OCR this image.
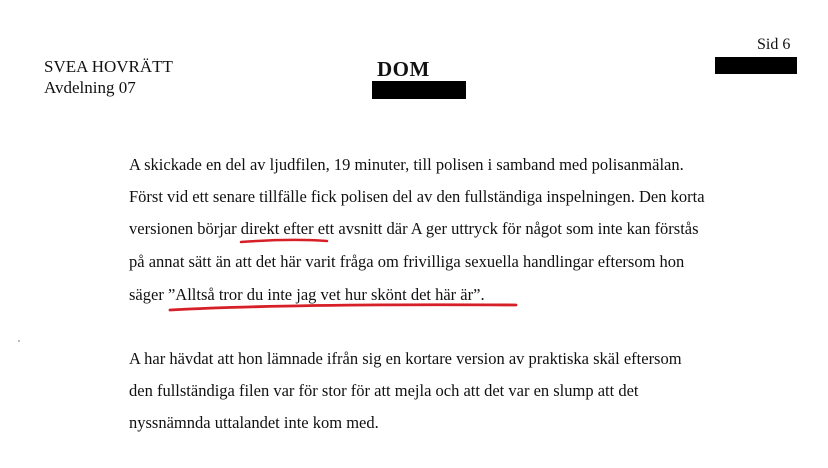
SVEA HOVRÄTT
Avdelning 07
DOM
Sid 6
A skickade en del av ljudfilen, 19 minuter, till polisen i samband med polisanmälan.
Först vid ett senare tillfälle fick polisen del av den fullständiga inspelningen. Den korta
versionen börjar direkt efter
ett avsnitt där A ger uttryck för något som inte kan förstås
på annat sätt än att det här varit fråga om frivilliga sexuella handlingar eftersom hon
säger ”Alltså tror du inte jag vet hur skönt det här är”
.
A har hävdat att hon lämnade ifrån sig en kortare version av praktiska skäl eftersom
den fullständiga filen var för stor för att mejla och att det var en slump att det
nyssnämnda uttalandet inte kom med.
